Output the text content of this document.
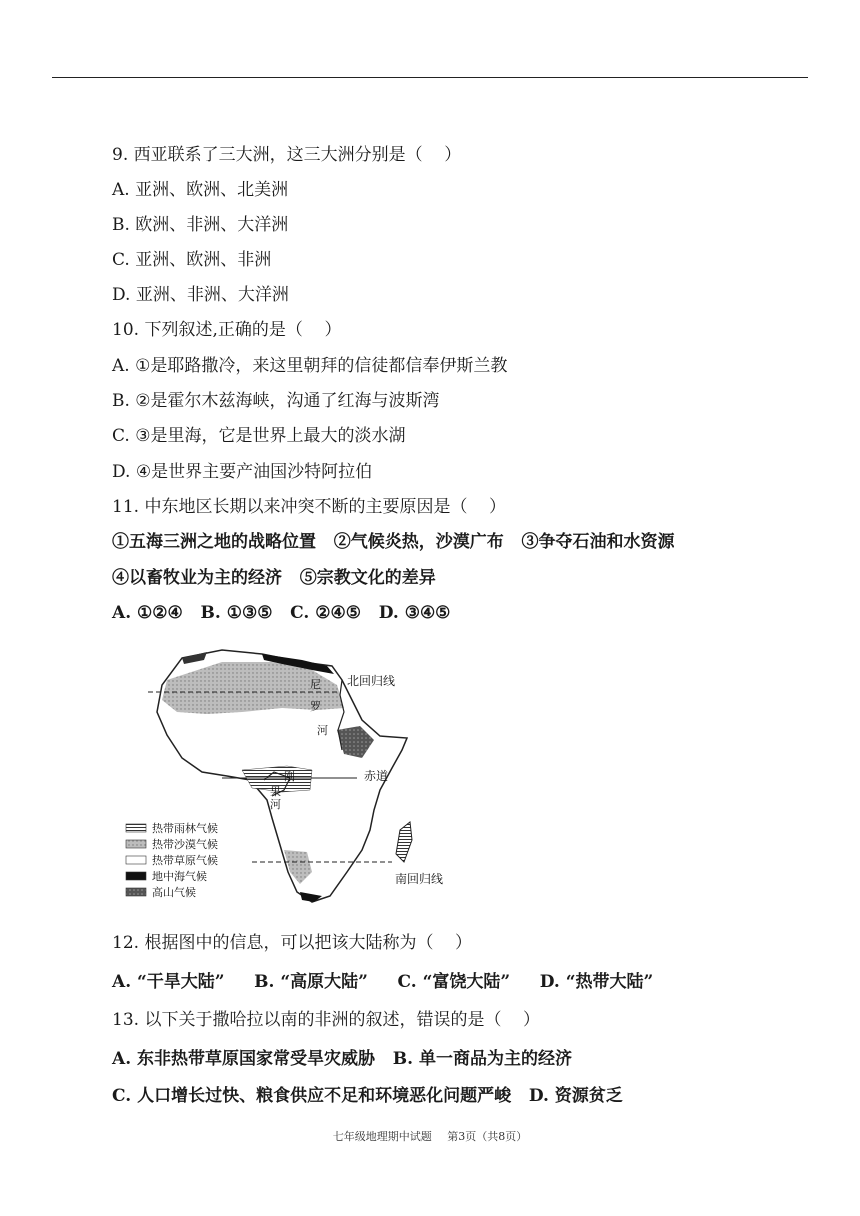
9. 西亚联系了三大洲，这三大洲分别是（    ）
A. 亚洲、欧洲、北美洲
B. 欧洲、非洲、大洋洲
C. 亚洲、欧洲、非洲
D. 亚洲、非洲、大洋洲
10. 下列叙述,正确的是（    ）
A. ①是耶路撒冷，来这里朝拜的信徒都信奉伊斯兰教
B. ②是霍尔木兹海峡，沟通了红海与波斯湾
C. ③是里海，它是世界上最大的淡水湖
D. ④是世界主要产油国沙特阿拉伯
11. 中东地区长期以来冲突不断的主要原因是（    ）
①五海三洲之地的战略位置   ②气候炎热，沙漠广布   ③争夺石油和水资源
④以畜牧业为主的经济   ⑤宗教文化的差异
A. ①②④   B. ①③⑤   C. ②④⑤   D. ③④⑤
北回归线
赤道
南回归线
尼
罗
河
刚
果
河
热带雨林气候
热带沙漠气候
热带草原气候
地中海气候
高山气候
12. 根据图中的信息，可以把该大陆称为（    ）
A. “干旱大陆”     B. “高原大陆”     C. “富饶大陆”     D. “热带大陆”
13. 以下关于撒哈拉以南的非洲的叙述，错误的是（    ）
A. 东非热带草原国家常受旱灾威胁   B. 单一商品为主的经济
C. 人口增长过快、粮食供应不足和环境恶化问题严峻   D. 资源贫乏
七年级地理期中试题 第3页（共8页）
